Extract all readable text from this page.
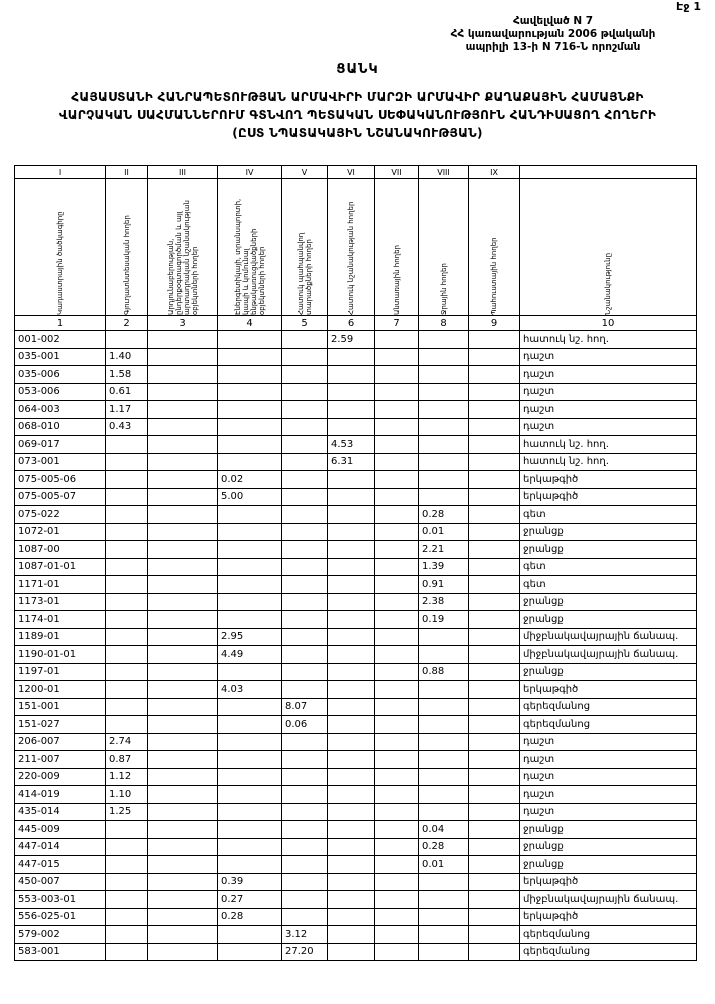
Էջ 1
Հավելված N 7
ՀՀ կառավարության 2006 թվականի
ապրիլի 13-ի N 716-Ն որոշման
ՑԱՆԿ
ՀԱՅԱՍՏԱՆԻ ՀԱՆՐԱՊԵՏՈՒԹՅԱՆ ԱՐՄԱՎԻՐԻ ՄԱՐԶԻ ԱՐՄԱՎԻՐ ՔԱՂԱՔԱՅԻՆ ՀԱՄԱՅՆՔԻ
ՎԱՐՉԱԿԱՆ ՍԱՀՄԱՆՆԵՐՈՒՄ ԳՏՆՎՈՂ ՊԵՏԱԿԱՆ ՍԵՓԱԿԱՆՈՒԹՅՈՒՆ ՀԱՆԴԻՍԱՑՈՂ ՀՈՂԵՐԻ
(ԸՍՏ ՆՊԱՏԱԿԱՅԻՆ ՆՇԱՆԱԿՈՒԹՅԱՆ)
I	II	III	IV	V	VI	VII	VIII	IX	

Կադաստրային ծածկագիրը	Գյուղատնտեսական հողեր	Արդյունաբերության, ընդերքօգտագործման և այլ արտադրական նշանակության օբյեկտների հողեր	Էներգետիկայի, տրանսպորտի, կապի և կոմունալ ենթակառուցվածքների օբյեկտների հողեր	Հատուկ պահպանվող տարածքների հողեր	Հատուկ նշանակության հողեր	Անտառային հողեր	Ջրային հողեր	Պահուստային հողեր	Նշանակությունը

1	2	3	4	5	6	7	8	9	10
001-002					2.59				հատուկ նշ. հող.
035-001	1.40								դաշտ
035-006	1.58								դաշտ
053-006	0.61								դաշտ
064-003	1.17								դաշտ
068-010	0.43								դաշտ
069-017					4.53				հատուկ նշ. հող.
073-001					6.31				հատուկ նշ. հող.
075-005-06			0.02						երկաթգիծ
075-005-07			5.00						երկաթգիծ
075-022							0.28		գետ
1072-01							0.01		ջրանցք
1087-00							2.21		ջրանցք
1087-01-01							1.39		գետ
1171-01							0.91		գետ
1173-01							2.38		ջրանցք
1174-01							0.19		ջրանցք
1189-01			2.95						միջբնակավայրային ճանապ.
1190-01-01			4.49						միջբնակավայրային ճանապ.
1197-01							0.88		ջրանցք
1200-01			4.03						երկաթգիծ
151-001				8.07					գերեզմանոց
151-027				0.06					գերեզմանոց
206-007	2.74								դաշտ
211-007	0.87								դաշտ
220-009	1.12								դաշտ
414-019	1.10								դաշտ
435-014	1.25								դաշտ
445-009							0.04		ջրանցք
447-014							0.28		ջրանցք
447-015							0.01		ջրանցք
450-007			0.39						երկաթգիծ
553-003-01			0.27						միջբնակավայրային ճանապ.
556-025-01			0.28						երկաթգիծ
579-002				3.12					գերեզմանոց
583-001				27.20					գերեզմանոց
